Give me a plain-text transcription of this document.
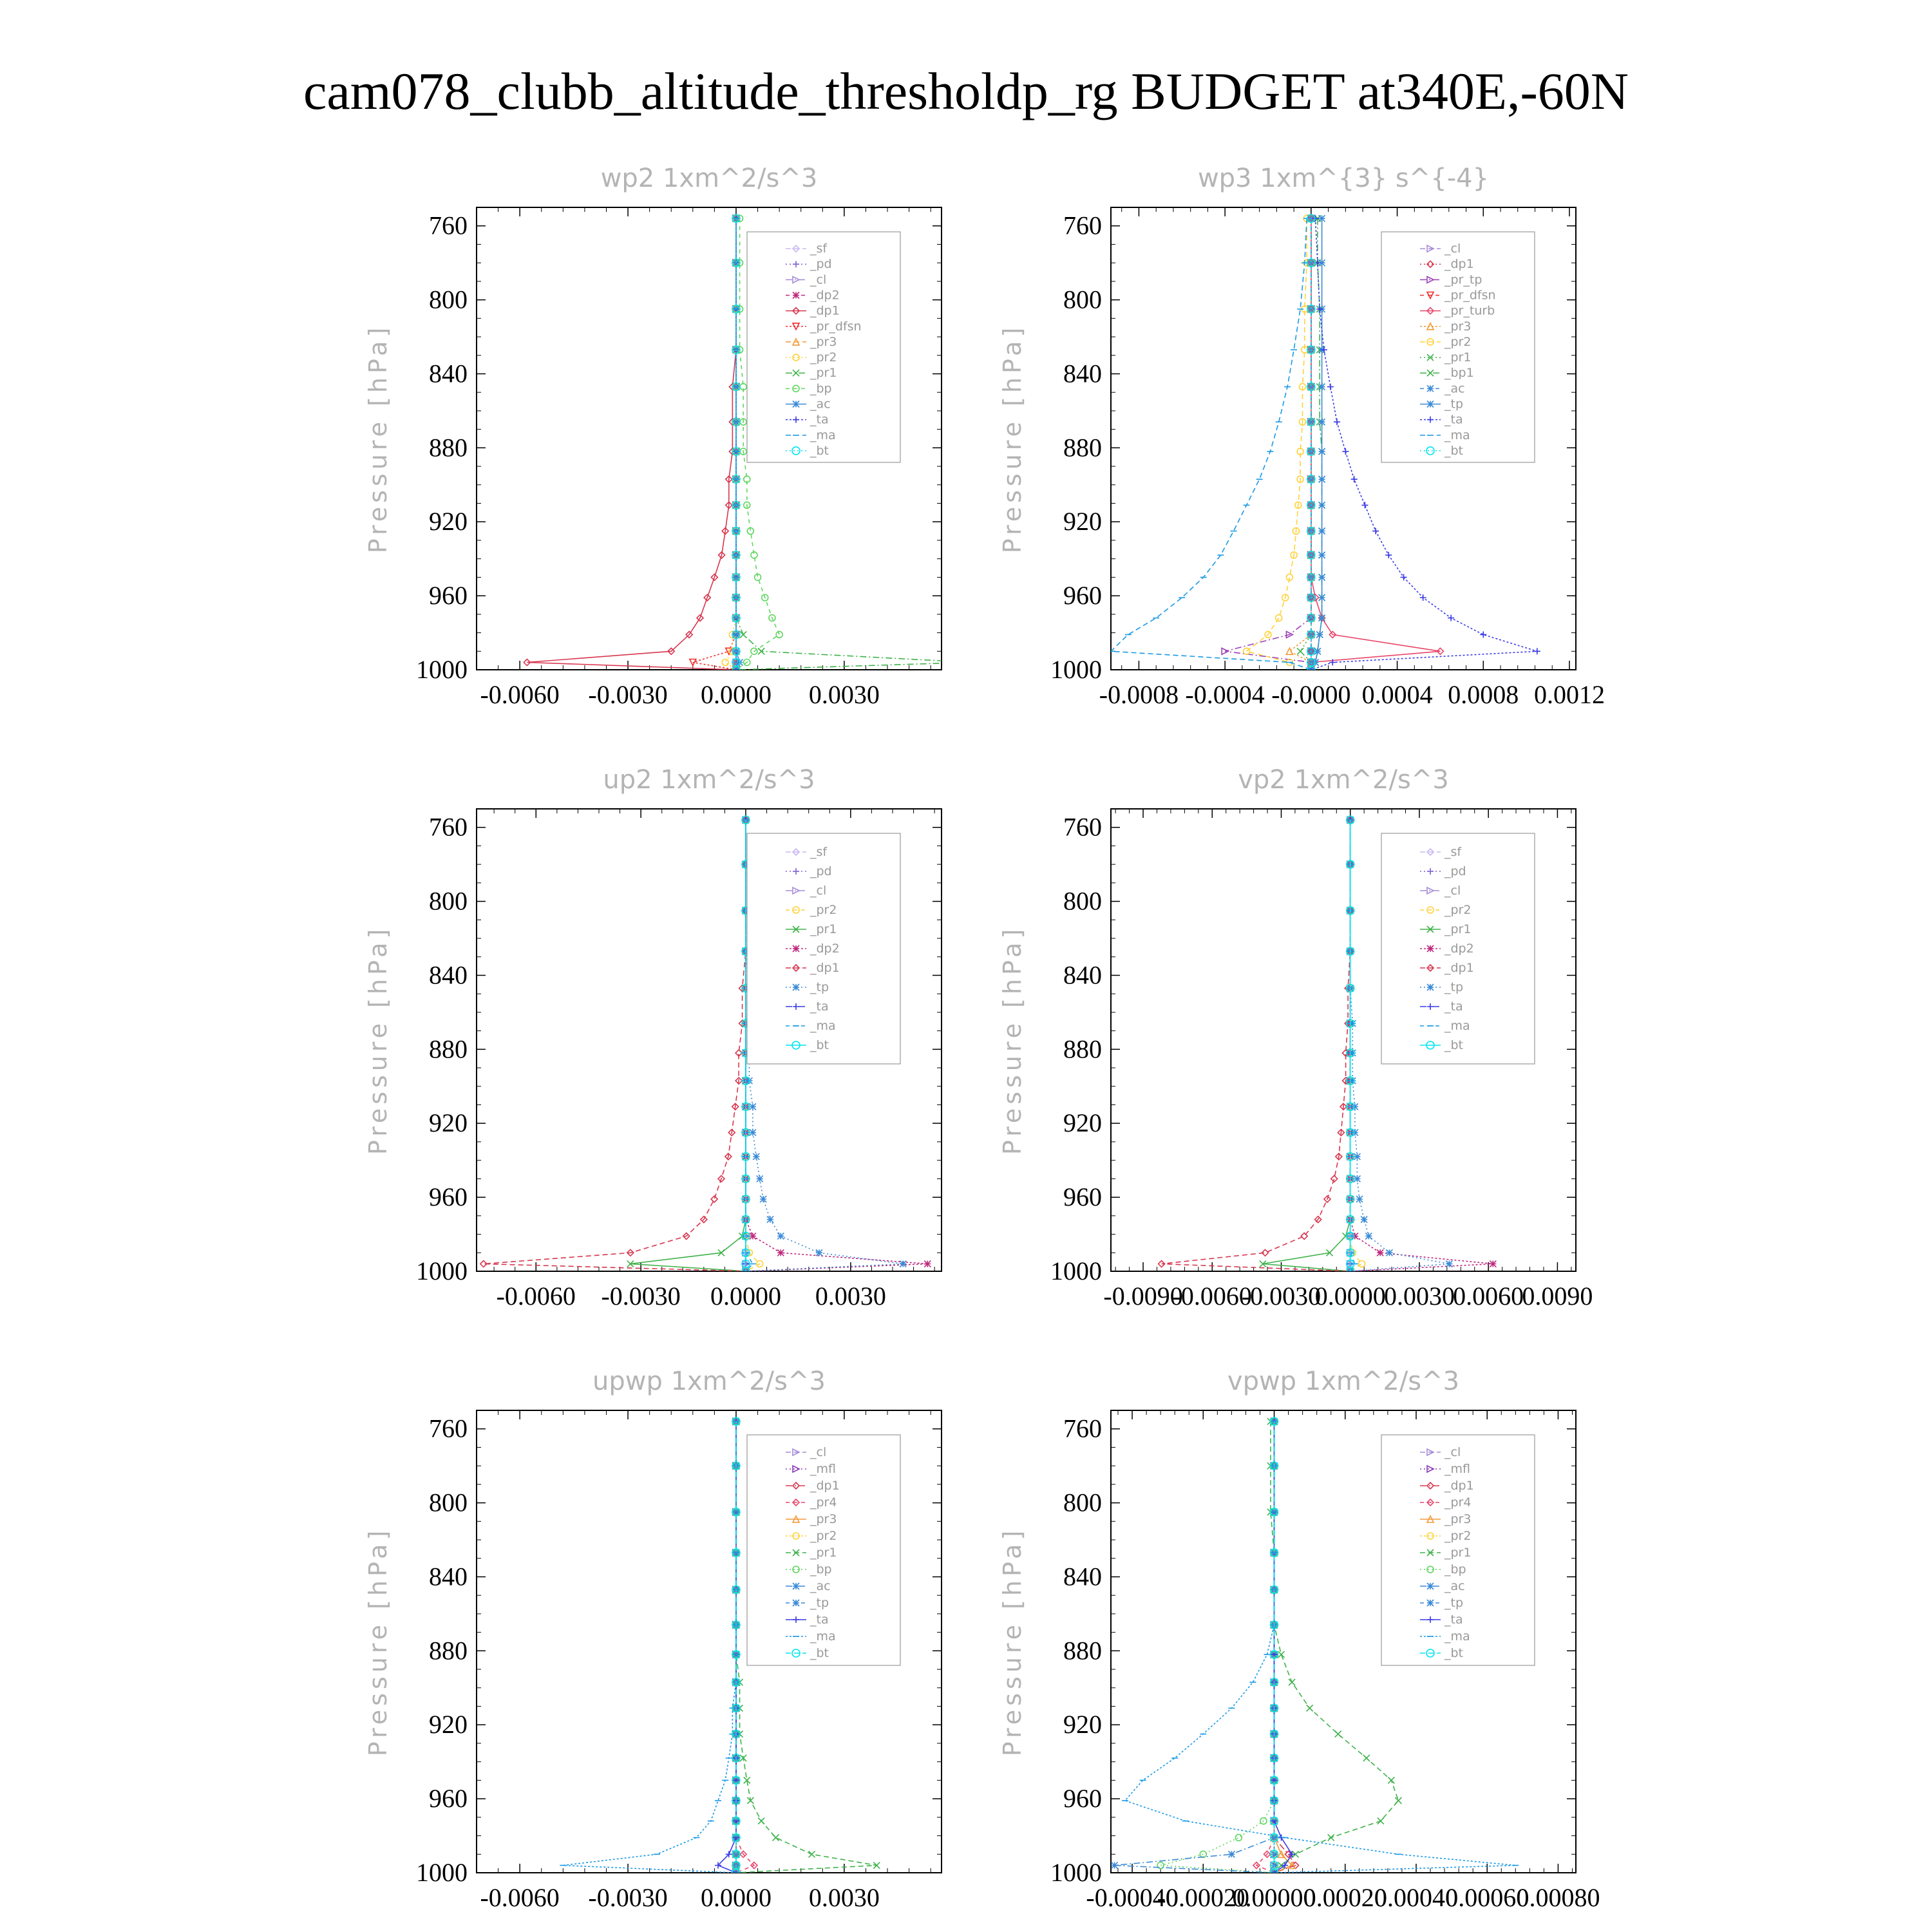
cam078_clubb_altitude_thresholdp_rg BUDGET at340E,-60N
wp2 1xm^2/s^3
Pressure [hPa]
760
800
840
880
920
960
1000
-0.0060 -0.0030 0.0000 0.0030
_sf
_pd
_cl
_dp2
_dp1
_pr_dfsn
_pr3
_pr2
_pr1
_bp
_ac
_ta
_ma
_bt
wp3 1xm^{3} s^{-4}
Pressure [hPa]
760
800
840
880
920
960
1000
-0.0008 -0.0004 -0.0000 0.0004 0.0008 0.0012
_cl
_dp1
_pr_tp
_pr_dfsn
_pr_turb
_pr3
_pr2
_pr1
_bp1
_ac
_tp
_ta
_ma
_bt
up2 1xm^2/s^3
Pressure [hPa]
760
800
840
880
920
960
1000
-0.0060 -0.0030 0.0000 0.0030
_sf
_pd
_cl
_pr2
_pr1
_dp2
_dp1
_tp
_ta
_ma
_bt
vp2 1xm^2/s^3
Pressure [hPa]
760
800
840
880
920
960
1000
-0.0090
-0.0060
-0.0030
0.0000
0.0030
0.0060
0.0090
_sf
_pd
_cl
_pr2
_pr1
_dp2
_dp1
_tp
_ta
_ma
_bt
upwp 1xm^2/s^3
Pressure [hPa]
760
800
840
880
920
960
1000
-0.0060 -0.0030 0.0000 0.0030
_cl
_mfl
_dp1
_pr4
_pr3
_pr2
_pr1
_bp
_ac
_tp
_ta
_ma
_bt
vpwp 1xm^2/s^3
Pressure [hPa]
760
800
840
880
920
960
1000
-0.00040
-0.00020
0.00000
0.00020
0.00040
0.00060
0.00080
_cl
_mfl
_dp1
_pr4
_pr3
_pr2
_pr1
_bp
_ac
_tp
_ta
_ma
_bt
